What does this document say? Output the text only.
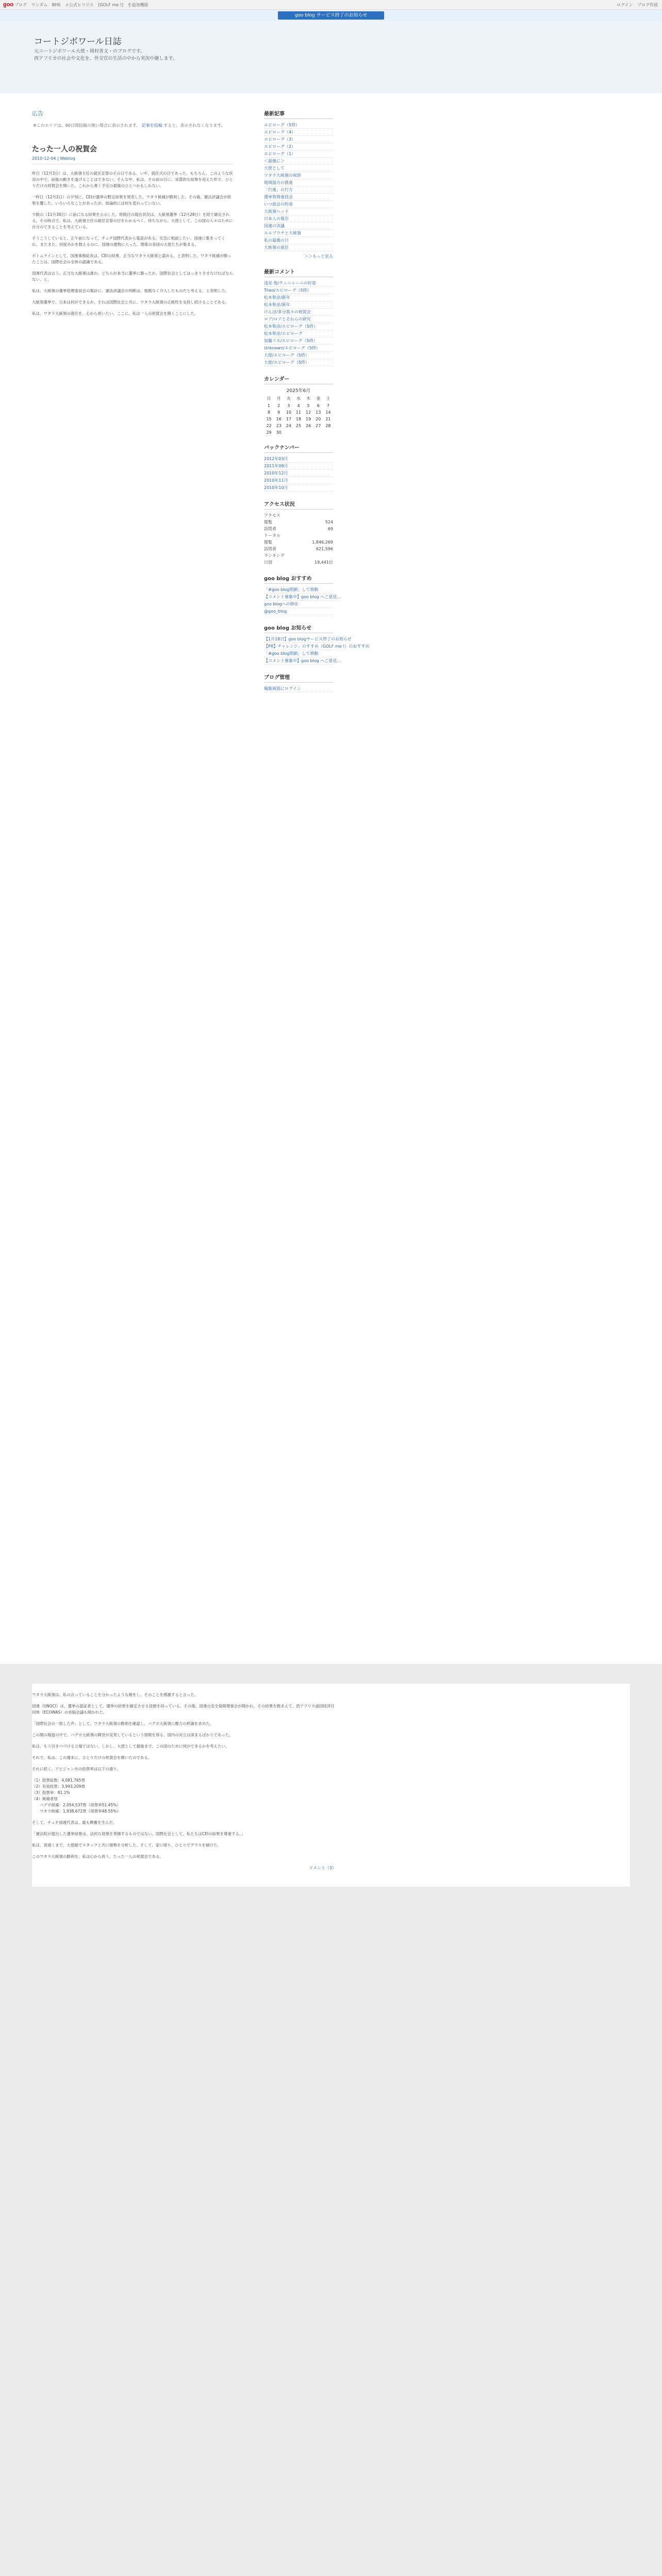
goo ブログ ワンダム BHS メ公式ヒツジス [GOLF me !] を追加機能	ログイン ブログ作成
goo blog サービス終了のお知らせ
コートジボワール日誌
元コートジボワール大使・岡村善文・のブログです。
西アフリカの社会や文化を、外交官の生活の中から実況中継します。
広告
※このエリアは、60日間投稿の無い場合に表示されます。 記事を投稿 すると、表示されなくなります。
たった一人の祝賀会
2010-12-04 | Weblog

昨日（12月3日）は、大統領主任の就任宣誓のその日である。いや、就任式の日であった。もちろん、このような状況の中で、前後の動きを遂げることはできない。そんな中、私は、その前の日に、実質的な結果を迎えた形で、ひとりだけの祝賀会を開いた。これから書く予定の最後のひとつかもしれない。

一昨日（12月2日）の夕刻に、CEIが選挙の暫定結果を発表した。ワタラ候補が勝利した。その後、憲法評議会が結果を覆した。いろいろなことがあったが、結論的には何も変わっていない。

少数の（11月30日）に前になる結果を公示した。時限付の現在状況は、大統領選挙（12月28日）を経て確定される。その時点で、私は、大統領主任の就任宣誓の日をわかるべく、待ちながら、大使として、この国の人々のために自分のできることを考えている。

そうこうしていると、正午前になって、チュチ国際代表から電話がある。至急に相談したい、国連に集まってくれ、またまた、何度めかを数えるのに、国連の建物に入った。関係の各国の大使たちが集まる。

ボトムラインとして、国連事務総長は、CEIの結果、正当なワタラ大統領と認める、と表明した。ワタラ候補が勝ったことは、国際社会の全体の認識である。

国連代表は言う、正当な大統領は誰か。どちらが本当に選挙に勝ったか、国際社会としてはっきりさせなければならない、と。

私は、大統領の選挙管理委員会の集計に、憲法評議会の判断は、根拠なく介入したものだと考える、と表明した。

大統領選挙で、日本は何ができるか。それは国際社会と共に、ワタラ大統領の正統性を支持し続けることである。

私は、ワタラ大統領の就任を、心から祝いたい。ここに、私は一人の祝賀会を開くことにした。

最新記事
エピローグ（5終）
エピローグ（4）
エピローグ（3）
エピローグ（2）
エピローグ（1）
＜最後に＞
大使として
ワタラ大統領の祝辞
地域協力の推進
「行進」の行方
選挙管理委員会
いつ面会の約束
大統領ヘッド
日本人の報告
国連の決議
エルブラチと大統領
私の最後の日
大統領の就任
＞＞もっと見る
最新コメント
浅見 俊/チュニャーニの好意
Theo/エピローグ（5終）
松本和彦/新年
松本和彦/新年
けんぽ/多分我々の祝賀会
ロア/ロアとそれらの研究
松本和彦/エピローグ（5終）
松本和彦/エピローグ
加藤リエ/エピローグ（5終）
Unknown/エピローグ（5終）
大使/エピローグ（5終）
大使/エピローグ（5終）
カレンダー
2025年6月
日	月	火	水	木	金	土
1	2	3	4	5	6	7
8	9	10	11	12	13	14
15	16	17	18	19	20	21
22	23	24	25	26	27	28
29	30
バックナンバー
2012年03月
2011年09月
2010年12月
2010年11月
2010年10月
アクセス状況
アクセス
閲覧	524
訪問者	69
トータル
閲覧	1,846,269
訪問者	621,596
ランキング
日別	19,441位
goo blog おすすめ
「#goo blog閉鎖」して移動
【コメント募集中】goo blog へご意見…
goo blogへの移住
@goo_blog
goo blog お知らせ
【1月18日】goo blogサービス終了のお知らせ
【PR】チャレンジ」のすすめ（GOLF me !）のおすすめ
「#goo blog閉鎖」して移動
【コメント募集中】goo blog へご意見…
ブログ管理
編集画面にログイン

ワタラ大統領は、私の言っていることを分かったような顔をし、そのことを感謝すると言った。

国連（UNOCI）は、選挙の認証者として、選挙の結果を確定させる役割を持っている。その後、国連の安全保障理事会が開かれ、その結果を踏まえて、西アフリカ諸国経済共同体（ECOWAS）の首脳会議も開かれた。

「国際社会の一致した声」として、ワタラ大統領の勝利を確認し、バグボ大統領に権力の移譲を求めた。

この間の報道の中で、バグボ大統領の陣営が反発しているという情報を得る。国内の対立は深まるばかりであった。

私は、もう引きつづける立場ではない。しかし、大使として最後まで、この国のために何ができるかを考えたい。

それで、私は、この週末に、ひとりだけの祝賀会を開いたのである。

それに続く、アビジャン市の投票率は以下の通り。

（1）投票総数：4,081,765票
（2）有効投票：3,993,209票
（3）投票率：81.1%
（4）候補者別
　　バグボ候補：2,054,537票（得票率51.45%）
　　ワタラ候補：1,938,672票（得票率48.55%）

そして、チュチ国連代表は、最も興奮を生んだ。

「憲法院が提出した選挙結果は、法的な効果を発揮するものではない。国際社会として、私たちはCEIの結果を尊重する。」

私は、夜遅くまで、大使館でスタッフと共に情勢を分析した。そして、家に帰り、ひとりでグラスを傾けた。

このワタラ大統領の勝利を、私は心から祝う。たった一人の祝賀会である。

コメント（3）
